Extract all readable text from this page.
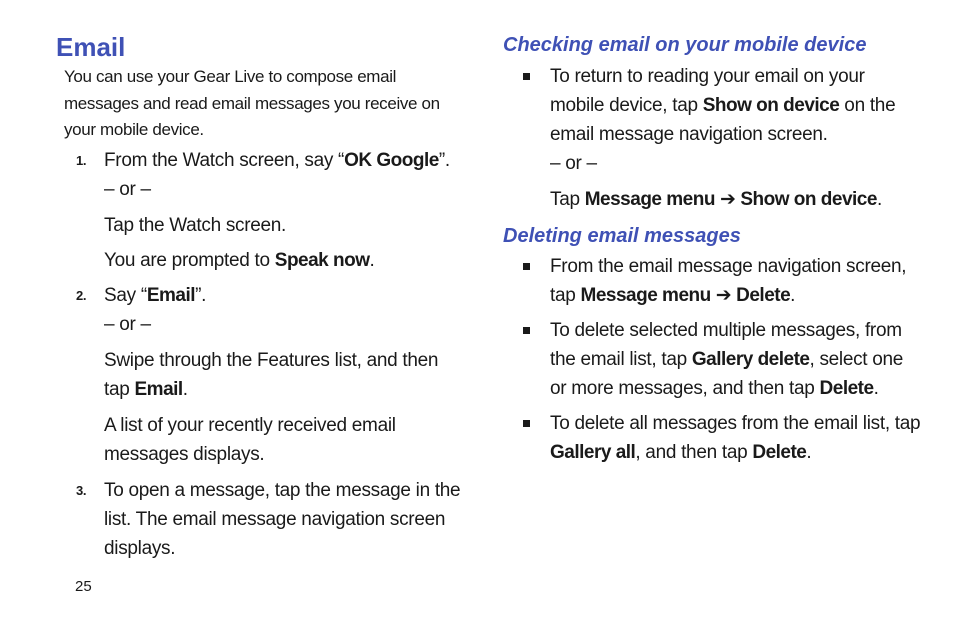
Email

You can use your Gear Live to compose email messages and read email messages you receive on your mobile device.

1. From the Watch screen, say “OK Google”.

– or –

Tap the Watch screen.

You are prompted to Speak now.

2. Say “Email”.

– or –

Swipe through the Features list, and then tap Email.

A list of your recently received email messages displays.

3. To open a message, tap the message in the list. The email message navigation screen displays.

Checking email on your mobile device

To return to reading your email on your mobile device, tap Show on device on the email message navigation screen.

– or –

Tap Message menu ➔ Show on device.

Deleting email messages

From the email message navigation screen, tap Message menu ➔ Delete.

To delete selected multiple messages, from the email list, tap Gallery delete, select one or more messages, and then tap Delete.

To delete all messages from the email list, tap Gallery all, and then tap Delete.

25
